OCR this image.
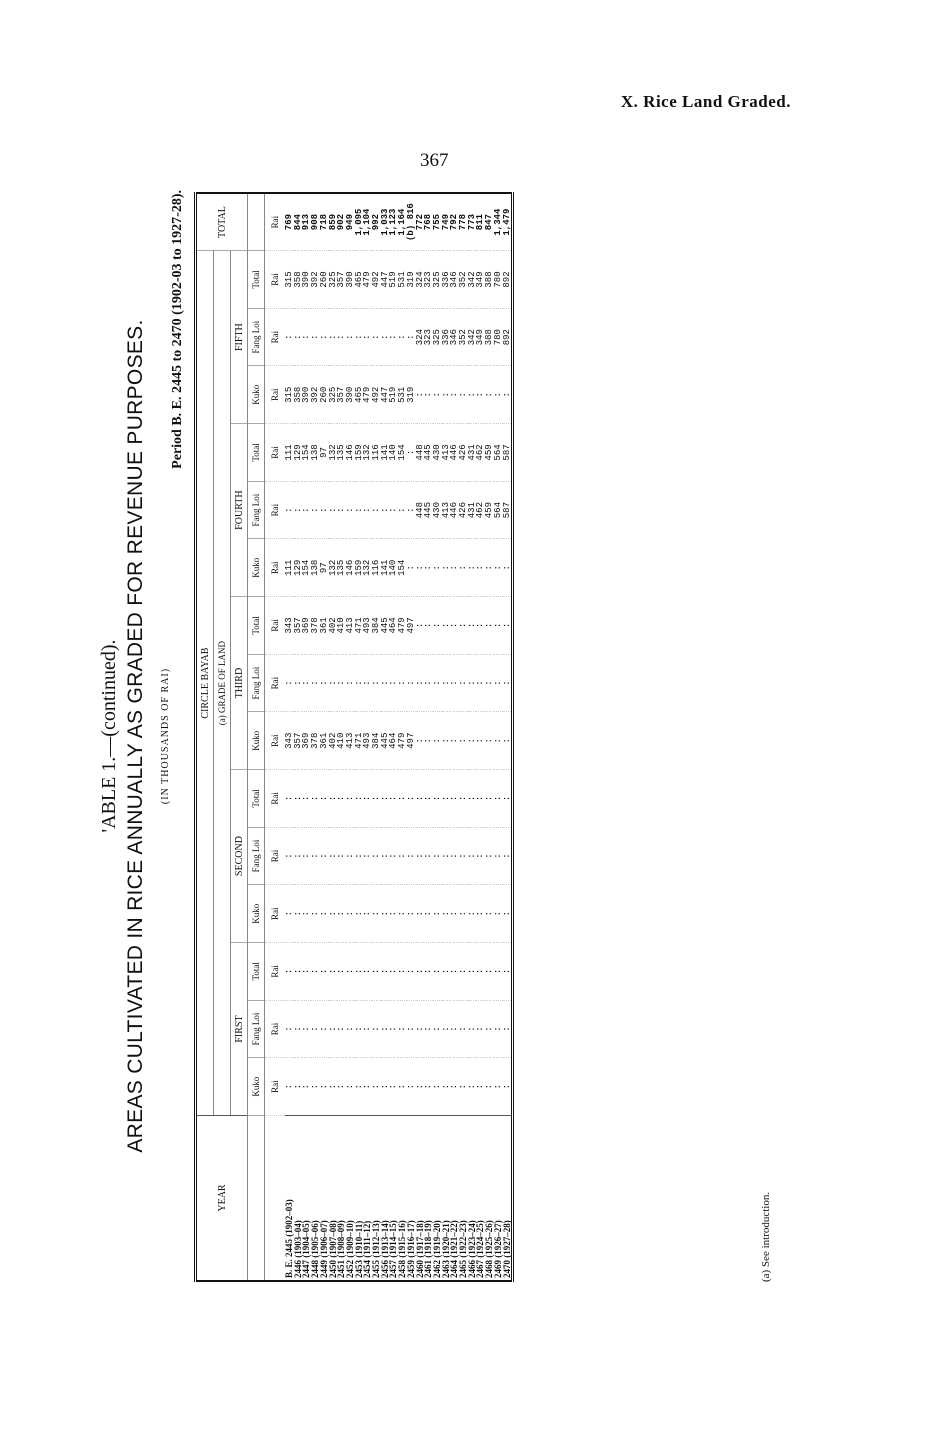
X. Rice Land Graded.
367
'ABLE 1.—(continued). AREAS CULTIVATED IN RICE ANNUALLY AS GRADED FOR REVENUE PURPOSES. (IN THOUSANDS OF RAI)
Period B. E. 2445 to 2470 (1902-03 to 1927-28).
YEAR	CIRCLE BAYAB															TOTAL
	(a) GRADE OF LAND															
	FIRST			SECOND			THIRD			FOURTH			FIFTH			
	Kuko	Fang Loi	Total	Kuko	Fang Loi	Total	Kuko	Fang Loi	Total	Kuko	Fang Loi	Total	Kuko	Fang Loi	Total	
	Rai	Rai	Rai	Rai	Rai	Rai	Rai	Rai	Rai	Rai	Rai	Rai	Rai	Rai	Rai	Rai
B. E. 2445 (1902–03)	:	:	:	:	:	:	343	:	343	111	:	111	315	:	315	769
2446 (1903–04)	:	:	:	:	:	:	357	:	357	129	:	129	358	:	358	844
2447 (1904–05)	:	:	:	:	:	:	369	:	369	154	:	154	390	:	390	913
2448 (1905–06)	:	:	:	:	:	:	378	:	378	138	:	138	392	:	392	908
2449 (1906–07)	:	:	:	:	:	:	361	:	361	97	:	97	260	:	260	718
2450 (1907–08)	:	:	:	:	:	:	402	:	402	132	:	132	325	:	325	859
2451 (1908–09)	:	:	:	:	:	:	410	:	410	135	:	135	357	:	357	902
2452 (1909–10)	:	:	:	:	:	:	413	:	413	146	:	146	390	:	390	949
2453 (1910–11)	:	:	:	:	:	:	471	:	471	159	:	159	465	:	465	1,095
2454 (1911–12)	:	:	:	:	:	:	493	:	493	132	:	132	479	:	479	1,104
2455 (1912–13)	:	:	:	:	:	:	384	:	384	116	:	116	492	:	492	992
2456 (1913–14)	:	:	:	:	:	:	445	:	445	141	:	141	447	:	447	1,033
2457 (1914–15)	:	:	:	:	:	:	464	:	464	140	:	140	519	:	519	1,123
2458 (1915–16)	:	:	:	:	:	:	479	:	479	154	:	154	531	:	531	1,164
2459 (1916–17)	:	:	:	:	:	:	497	:	497	:	:	:	319	:	319	(b) 816
2460 (1917–18)	:	:	:	:	:	:	:	:	:	:	448	448	:	324	324	772
2461 (1918–19)	:	:	:	:	:	:	:	:	:	:	445	445	:	323	323	768
2462 (1919–20)	:	:	:	:	:	:	:	:	:	:	430	430	:	325	325	755
2463 (1920–21)	:	:	:	:	:	:	:	:	:	:	413	413	:	336	336	749
2464 (1921–22)	:	:	:	:	:	:	:	:	:	:	446	446	:	346	346	792
2465 (1922–23)	:	:	:	:	:	:	:	:	:	:	426	426	:	352	352	778
2466 (1923–24)	:	:	:	:	:	:	:	:	:	:	431	431	:	342	342	773
2467 (1924–25)	:	:	:	:	:	:	:	:	:	:	462	462	:	349	349	811
2468 (1925–26)	:	:	:	:	:	:	:	:	:	:	459	459	:	388	388	847
2469 (1926–27)	:	:	:	:	:	:	:	:	:	:	564	564	:	780	780	1,344
2470 (1927–28)	:	:	:	:	:	:	:	:	:	:	587	587	:	892	892	1,479
(a) See introduction.
